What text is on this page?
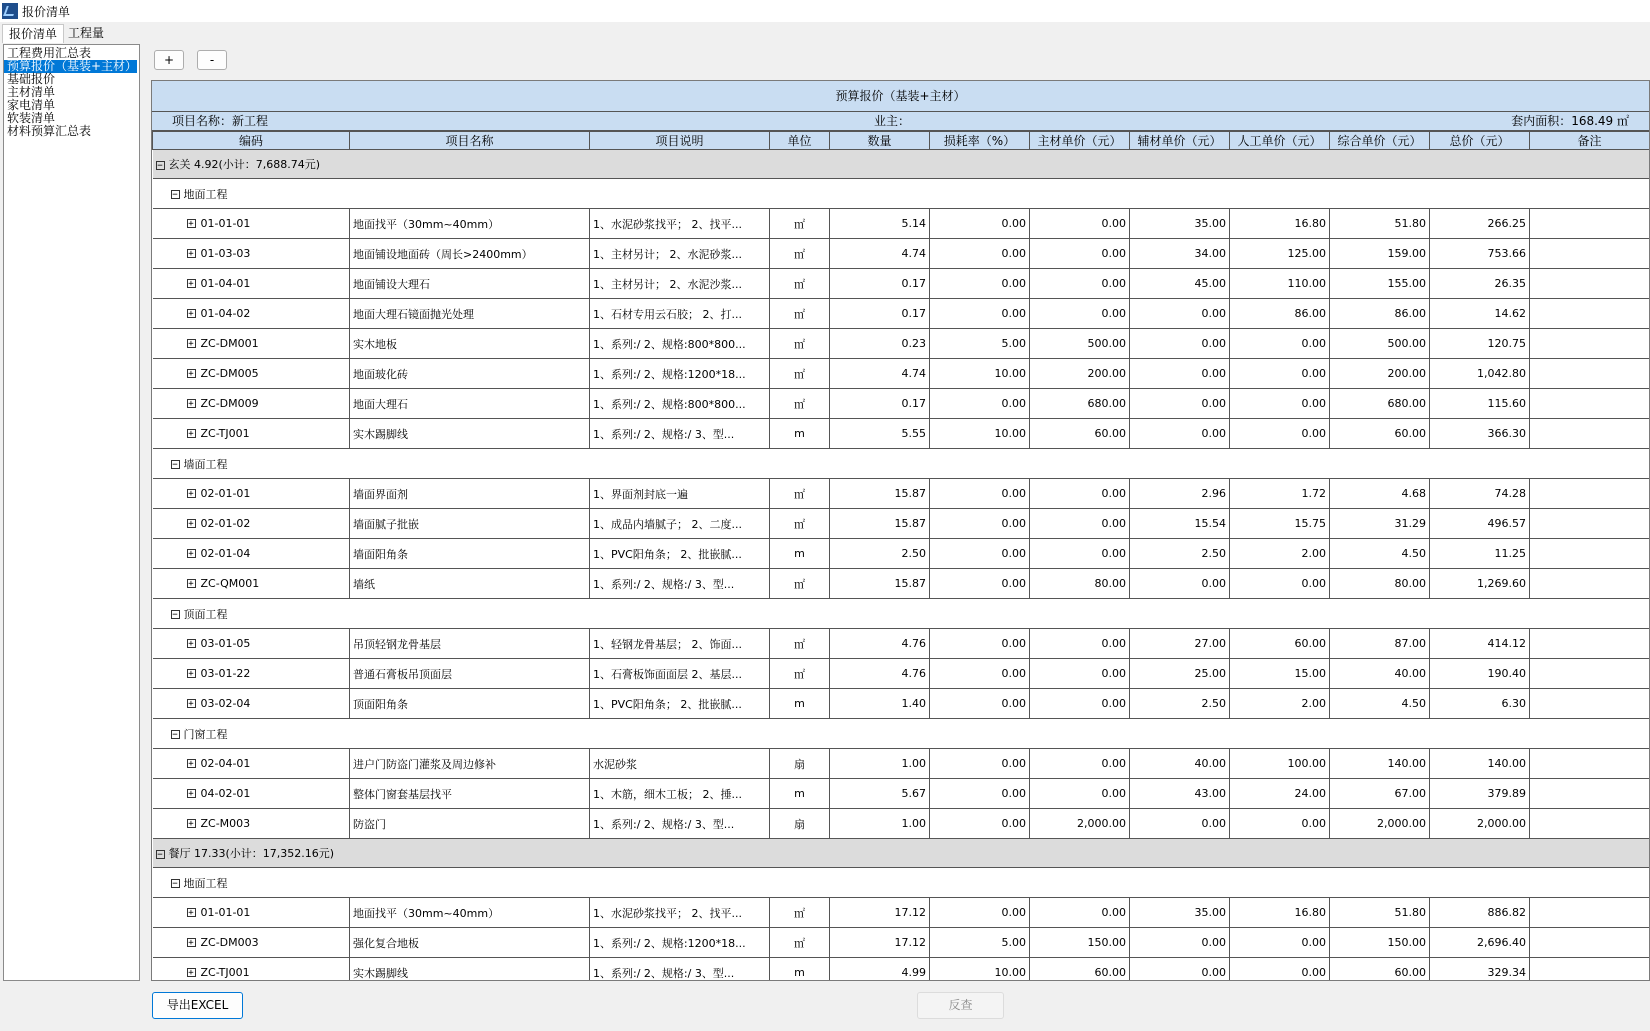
报价清单
报价清单 工程量
工程费用汇总表
预算报价（基装+主材）
基础报价
主材清单
家电清单
软装清单
材料预算汇总表
+	-
预算报价（基装+主材）
项目名称：新工程	业主：	套内面积：168.49 ㎡
编码	项目名称	项目说明	单位	数量	损耗率（%）	主材单价（元）	辅材单价（元）	人工单价（元）	综合单价（元）	总价（元）	备注
− 玄关 4.92(小计：7,688.74元)											
− 地面工程											

+ 01-01-01	地面找平（30mm~40mm）	1、水泥砂浆找平； 2、找平...	㎡	5.14	0.00	0.00	35.00	16.80	51.80	266.25	

+ 01-03-03	地面铺设地面砖（周长>2400mm）	1、主材另计； 2、水泥砂浆...	㎡	4.74	0.00	0.00	34.00	125.00	159.00	753.66	

+ 01-04-01	地面铺设大理石	1、主材另计； 2、水泥沙浆...	㎡	0.17	0.00	0.00	45.00	110.00	155.00	26.35	

+ 01-04-02	地面大理石镜面抛光处理	1、石材专用云石胶； 2、打...	㎡	0.17	0.00	0.00	0.00	86.00	86.00	14.62	

+ ZC-DM001	实木地板	1、系列:/ 2、规格:800*800...	㎡	0.23	5.00	500.00	0.00	0.00	500.00	120.75	

+ ZC-DM005	地面玻化砖	1、系列:/ 2、规格:1200*18...	㎡	4.74	10.00	200.00	0.00	0.00	200.00	1,042.80	

+ ZC-DM009	地面大理石	1、系列:/ 2、规格:800*800...	㎡	0.17	0.00	680.00	0.00	0.00	680.00	115.60	

+ ZC-TJ001	实木踢脚线	1、系列:/ 2、规格:/ 3、型...	m	5.55	10.00	60.00	0.00	0.00	60.00	366.30	
− 墙面工程											

+ 02-01-01	墙面界面剂	1、界面剂封底一遍	㎡	15.87	0.00	0.00	2.96	1.72	4.68	74.28	

+ 02-01-02	墙面腻子批嵌	1、成品内墙腻子； 2、二度...	㎡	15.87	0.00	0.00	15.54	15.75	31.29	496.57	

+ 02-01-04	墙面阳角条	1、PVC阳角条； 2、批嵌腻...	m	2.50	0.00	0.00	2.50	2.00	4.50	11.25	

+ ZC-QM001	墙纸	1、系列:/ 2、规格:/ 3、型...	㎡	15.87	0.00	80.00	0.00	0.00	80.00	1,269.60	
− 顶面工程											

+ 03-01-05	吊顶轻钢龙骨基层	1、轻钢龙骨基层； 2、饰面...	㎡	4.76	0.00	0.00	27.00	60.00	87.00	414.12	

+ 03-01-22	普通石膏板吊顶面层	1、石膏板饰面面层 2、基层...	㎡	4.76	0.00	0.00	25.00	15.00	40.00	190.40	

+ 03-02-04	顶面阳角条	1、PVC阳角条； 2、批嵌腻...	m	1.40	0.00	0.00	2.50	2.00	4.50	6.30	
− 门窗工程											

+ 02-04-01	进户门防盗门灌浆及周边修补	水泥砂浆	扇	1.00	0.00	0.00	40.00	100.00	140.00	140.00	

+ 04-02-01	整体门窗套基层找平	1、木筋，细木工板； 2、捶...	m	5.67	0.00	0.00	43.00	24.00	67.00	379.89	

+ ZC-M003	防盗门	1、系列:/ 2、规格:/ 3、型...	扇	1.00	0.00	2,000.00	0.00	0.00	2,000.00	2,000.00	
− 餐厅 17.33(小计：17,352.16元)											
− 地面工程											

+ 01-01-01	地面找平（30mm~40mm）	1、水泥砂浆找平； 2、找平...	㎡	17.12	0.00	0.00	35.00	16.80	51.80	886.82	

+ ZC-DM003	强化复合地板	1、系列:/ 2、规格:1200*18...	㎡	17.12	5.00	150.00	0.00	0.00	150.00	2,696.40	

+ ZC-TJ001	实木踢脚线	1、系列:/ 2、规格:/ 3、型...	m	4.99	10.00	60.00	0.00	0.00	60.00	329.34	
导出EXCEL	反查
